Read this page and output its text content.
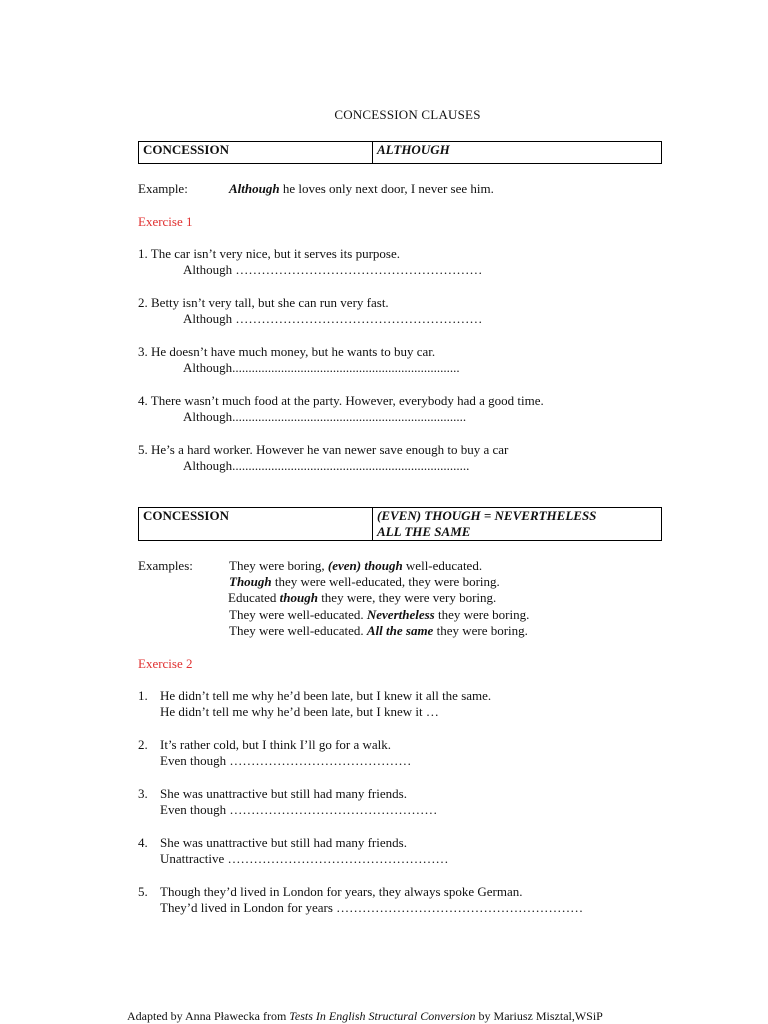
CONCESSION CLAUSES
CONCESSION	ALTHOUGH
Example:	Although he loves only next door, I never see him.
Exercise 1
1. The car isn’t very nice, but it serves its purpose.
Although …………………………………………………
2. Betty isn’t very tall, but she can run very fast.
Although …………………………………………………
3. He doesn’t have much money, but he wants to buy car.
Although......................................................................
4. There wasn’t much food at the party. However, everybody had a good time.
Although........................................................................
5. He’s a hard worker. However he van newer save enough to buy a car
Although.........................................................................
CONCESSION	(EVEN) THOUGH = NEVERTHELESS
ALL THE SAME
Examples:	They were boring, (even) though well-educated.
Though they were well-educated, they were boring.
Educated though they were, they were very boring.
They were well-educated. Nevertheless they were boring.
They were well-educated. All the same they were boring.
Exercise 2
1. He didn’t tell me why he’d been late, but I knew it all the same.
He didn’t tell me why he’d been late, but I knew it …
2. It’s rather cold, but I think I’ll go for a walk.
Even though ……………………………………
3. She was unattractive but still had many friends.
Even though …………………………………………
4. She was unattractive but still had many friends.
Unattractive ……………………………………………
5. Though they’d lived in London for years, they always spoke German.
They’d lived in London for years …………………………………………………
Adapted by Anna Pławecka from Tests In English Structural Conversion by Mariusz Misztal,WSiP
